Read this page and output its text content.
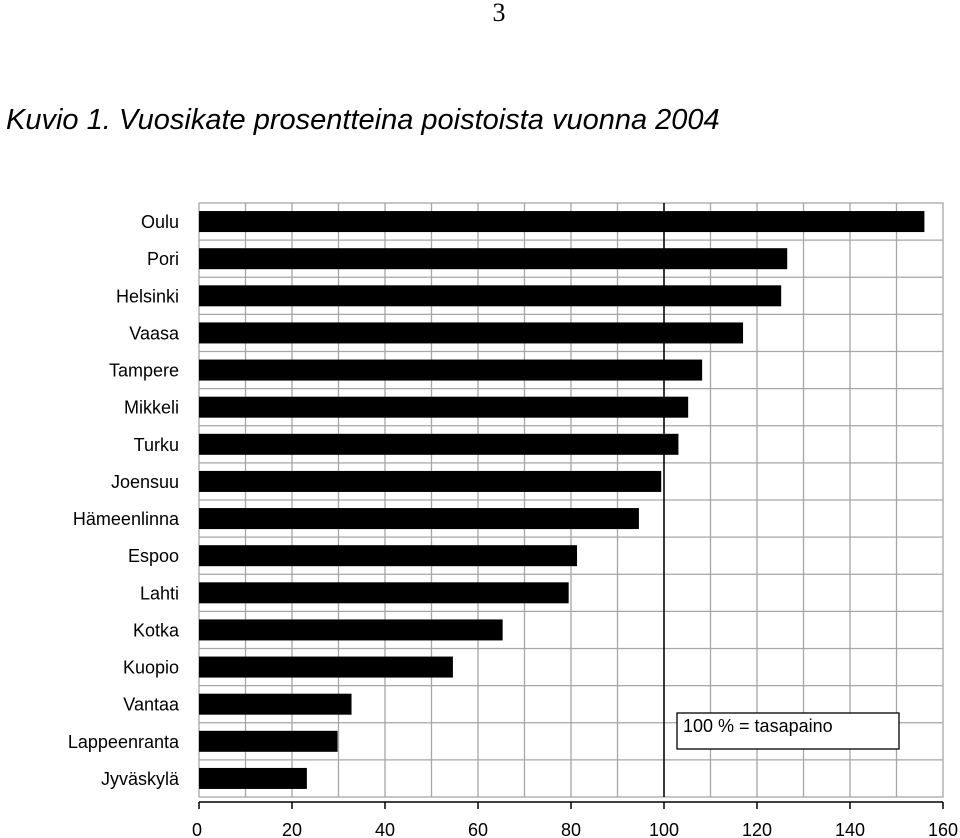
3
Kuvio 1. Vuosikate prosentteina poistoista vuonna 2004
Oulu
Pori
Helsinki
Vaasa
Tampere
Mikkeli
Turku
Joensuu
Hämeenlinna
Espoo
Lahti
Kotka
Kuopio
Vantaa
Lappeenranta
Jyväskylä
0	20	40	60	80	100	120	140	160
100 % = tasapaino
